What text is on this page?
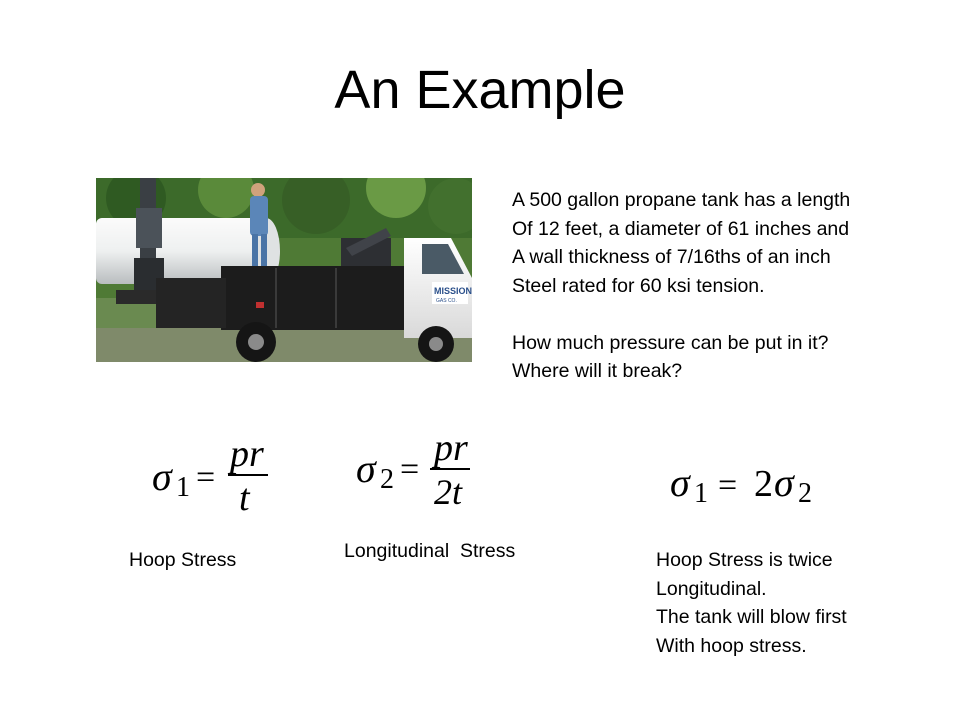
An Example
MISSION
GAS CO.

A 500 gallon propane tank has a length

Of 12 feet, a diameter of 61 inches and

A wall thickness of 7/16ths of an inch

Steel rated for 60 ksi tension.

How much pressure can be put in it?

Where will it break?

σ 1 =
pr
t
σ 2 =
pr
2t	σ 1 = 2 σ 2
Hoop Stress	Longitudinal  Stress	Hoop Stress is twice

Longitudinal.

The tank will blow first

With hoop stress.
